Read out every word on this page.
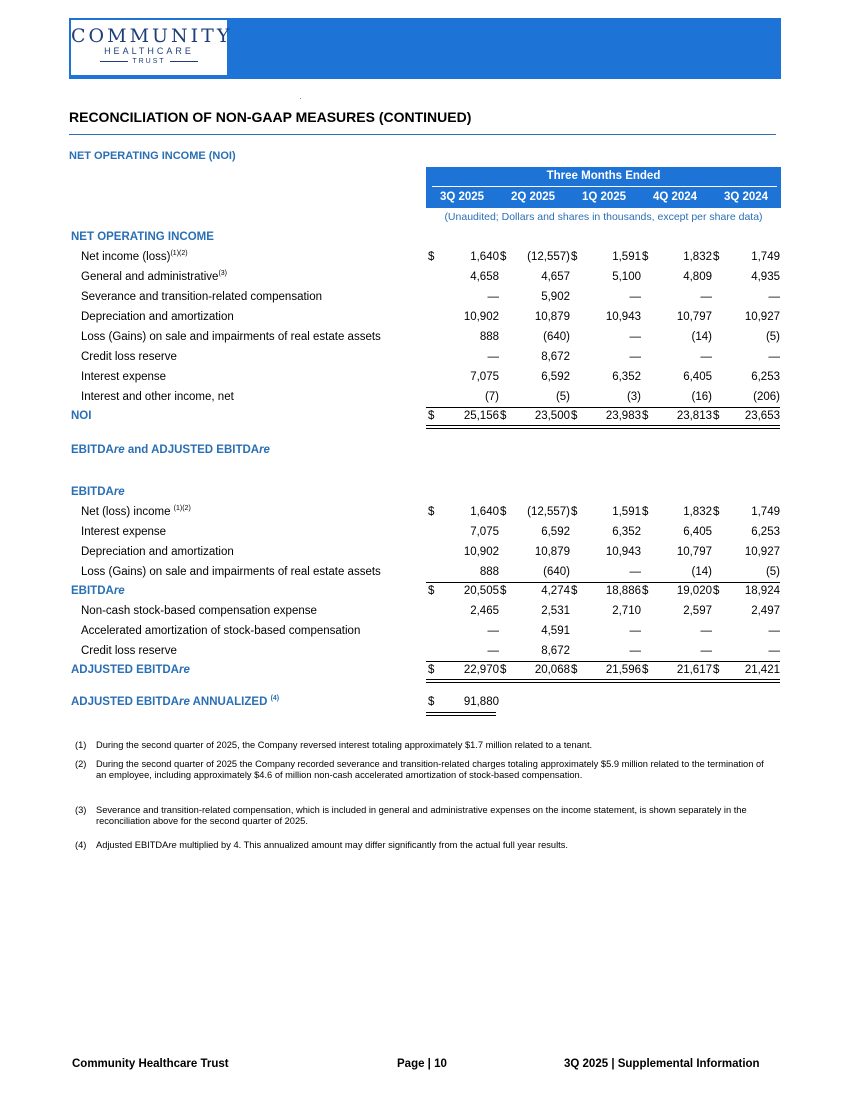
COMMUNITY
HEALTHCARE
TRUST
RECONCILIATION OF NON-GAAP MEASURES (CONTINUED)
NET OPERATING INCOME (NOI)
Three Months Ended
3Q 2025	2Q 2025	1Q 2025	4Q 2024	3Q 2024
(Unaudited; Dollars and shares in thousands, except per share data)
NET OPERATING INCOME
Net income (loss)$^{(1)(2)}$	$	1,640 $	(12,557) $	1,591 $	1,832 $	1,749
General and administrative$^{(3)}$	4,658	4,657	5,100	4,809	4,935
Severance and transition-related compensation	—	5,902	—	—	—
Depreciation and amortization	10,902	10,879	10,943	10,797	10,927
Loss (Gains) on sale and impairments of real estate assets	888	(640)	—	(14)	(5)
Credit loss reserve	—	8,672	—	—	—
Interest expense	7,075	6,592	6,352	6,405	6,253
Interest and other income, net	(7)	(5)	(3)	(16)	(206)
NOI	$	25,156 $	23,500 $	23,983 $	23,813 $	23,653
EBITDAre and ADJUSTED EBITDAre
EBITDAre
Net (loss) income $^{(1)(2)}$	$	1,640 $	(12,557) $	1,591 $	1,832 $	1,749
Interest expense	7,075	6,592	6,352	6,405	6,253
Depreciation and amortization	10,902	10,879	10,943	10,797	10,927
Loss (Gains) on sale and impairments of real estate assets	888	(640)	—	(14)	(5)
EBITDAre	$	20,505 $	4,274 $	18,886 $	19,020 $	18,924
Non-cash stock-based compensation expense	2,465	2,531	2,710	2,597	2,497
Accelerated amortization of stock-based compensation	—	4,591	—	—	—
Credit loss reserve	—	8,672	—	—	—
ADJUSTED EBITDAre	$	22,970 $	20,068 $	21,596 $	21,617 $	21,421
ADJUSTED EBITDAre ANNUALIZED $^{(4)}$	$	91,880
(1) During the second quarter of 2025, the Company reversed interest totaling approximately $1.7 million related to a tenant.
(2) During the second quarter of 2025 the Company recorded severance and transition-related charges totaling approximately $5.9 million related to the termination of an employee, including approximately $4.6 of million non-cash accelerated amortization of stock-based compensation.
(3) Severance and transition-related compensation, which is included in general and administrative expenses on the income statement, is shown separately in the reconciliation above for the second quarter of 2025.
(4) Adjusted EBITDAre multiplied by 4. This annualized amount may differ significantly from the actual full year results.
Community Healthcare Trust	Page | 10	3Q 2025 | Supplemental Information
